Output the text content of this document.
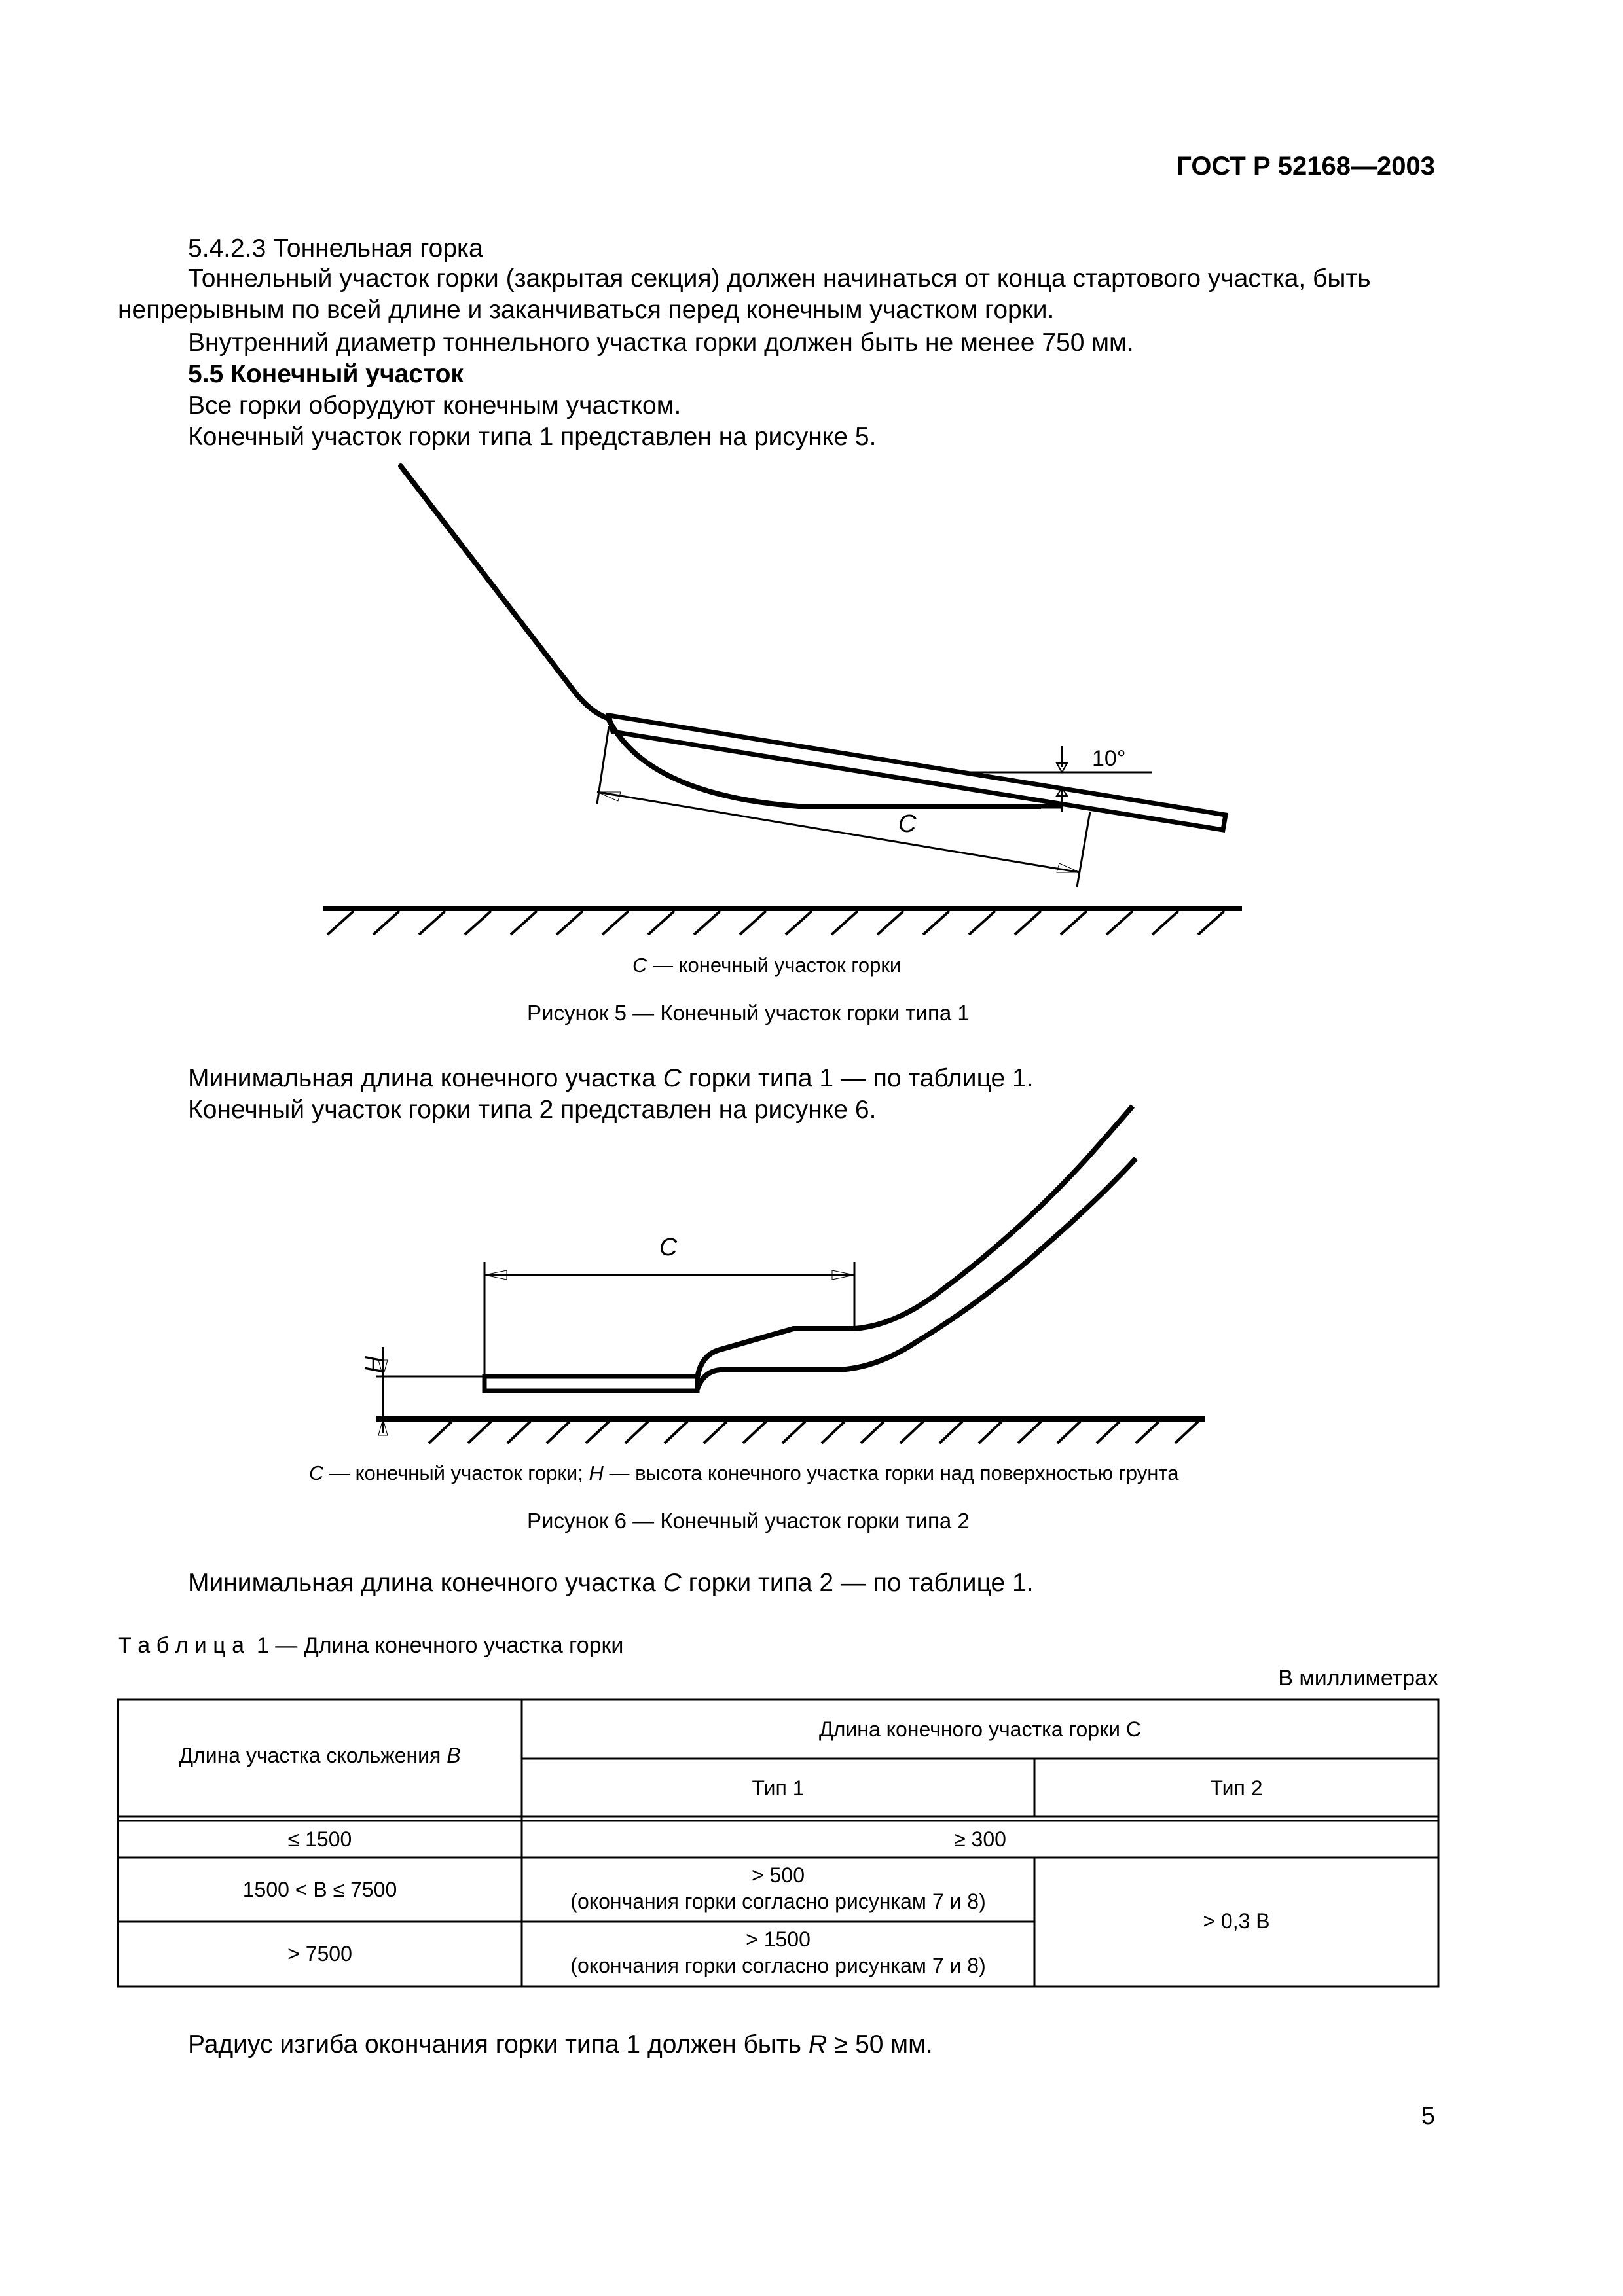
ГОСТ Р 52168—2003
5.4.2.3 Тоннельная горка
Тоннельный участок горки (закрытая секция) должен начинаться от конца стартового участка, быть
непрерывным по всей длине и заканчиваться перед конечным участком горки.
Внутренний диаметр тоннельного участка горки должен быть не менее 750 мм.
5.5 Конечный участок
Все горки оборудуют конечным участком.
Конечный участок горки типа 1 представлен на рисунке 5.
C
10°
C — конечный участок горки
Рисунок 5 — Конечный участок горки типа 1
Минимальная длина конечного участка C горки типа 1 — по таблице 1.
Конечный участок горки типа 2 представлен на рисунке 6.
C
H
C — конечный участок горки; H — высота конечного участка горки над поверхностью грунта
Рисунок 6 — Конечный участок горки типа 2
Минимальная длина конечного участка C горки типа 2 — по таблице 1.
Т а б л и ц а 1 — Длина конечного участка горки
В миллиметрах
Длина участка скольжения B
Длина конечного участка горки С
Тип 1	Тип 2
≤ 1500	≥ 300
1500 < B ≤ 7500
> 500
(окончания горки согласно рисункам 7 и 8)
> 7500
> 1500
(окончания горки согласно рисункам 7 и 8)
> 0,3 В
Радиус изгиба окончания горки типа 1 должен быть R ≥ 50 мм.
5
